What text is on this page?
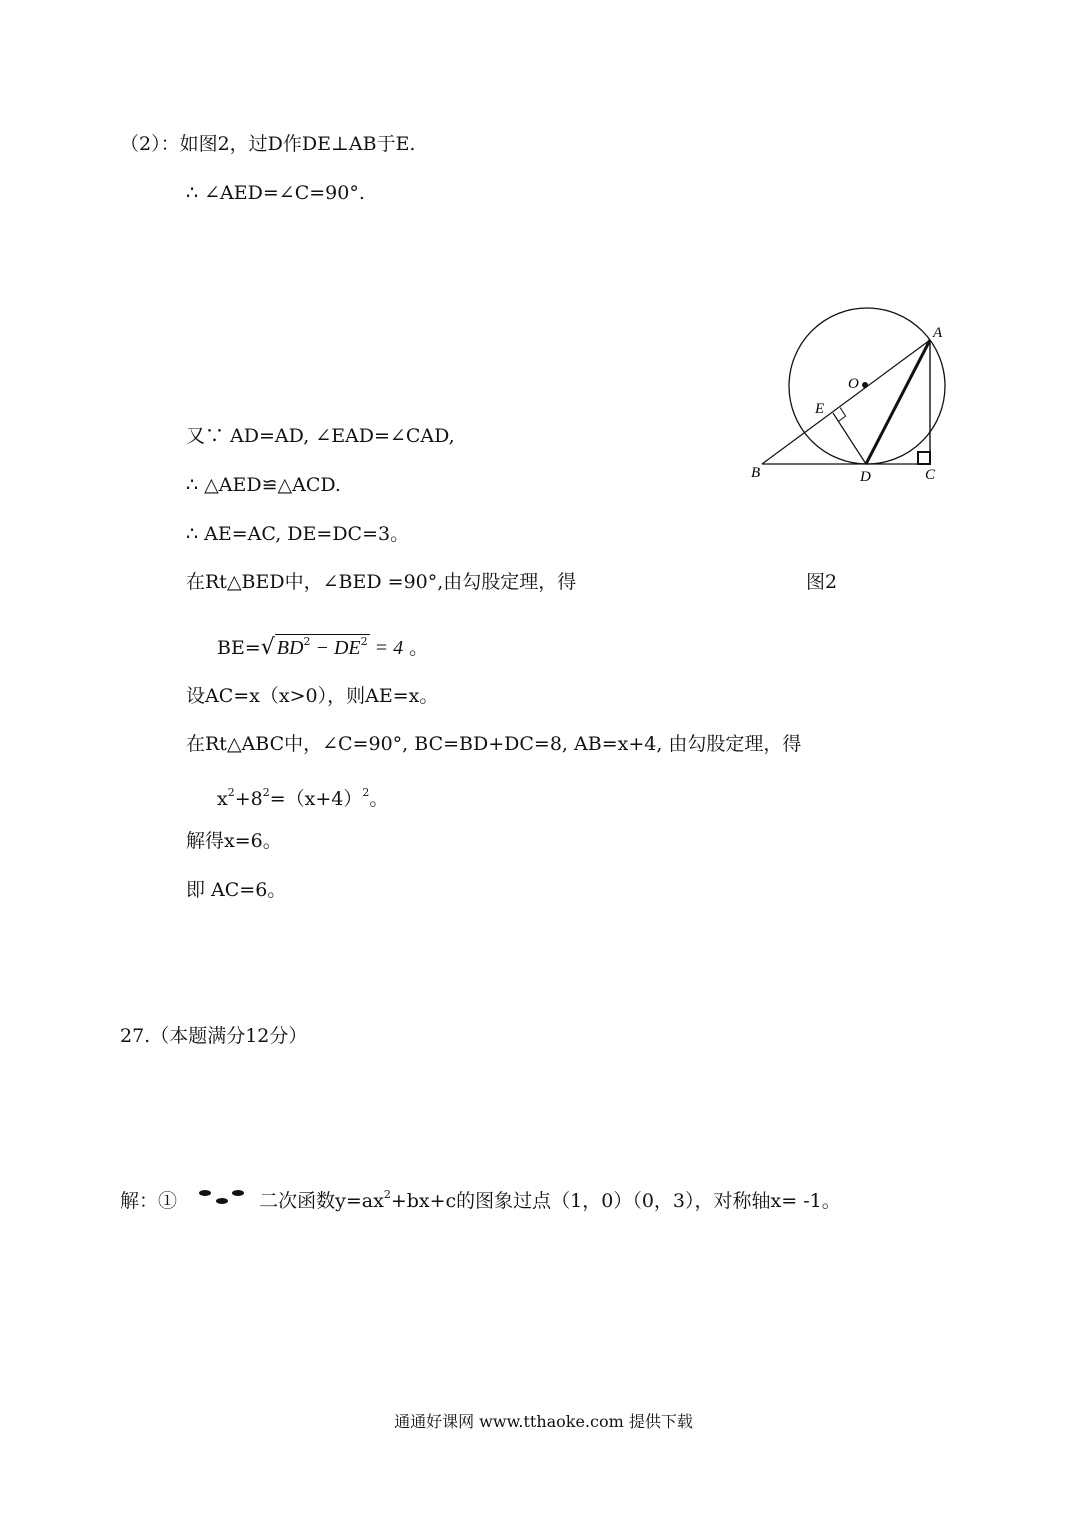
（2）：如图2，过D作DE⊥AB于E.
∴ ∠AED=∠C=90°.
A
O
E
B	D	C
又∵ AD=AD, ∠EAD=∠CAD,
∴ △AED≌△ACD.
∴ AE=AC, DE=DC=3。
在Rt△BED中，∠BED =90°,由勾股定理，得	图2
BE=√ $BD^2 - DE^2 = 4$ 。
设AC=x（x>0），则AE=x。
在Rt△ABC中，∠C=90°, BC=BD+DC=8, AB=x+4, 由勾股定理，得
$x^2+8^2=(x+4)^2$。
解得x=6。
即 AC=6。
27.（本题满分12分）
解：①	二次函数$y=ax^2+bx+c$的图象过点（1，0）（0，3），对称轴x= -1。
通通好课网 www.tthaoke.com 提供下载
